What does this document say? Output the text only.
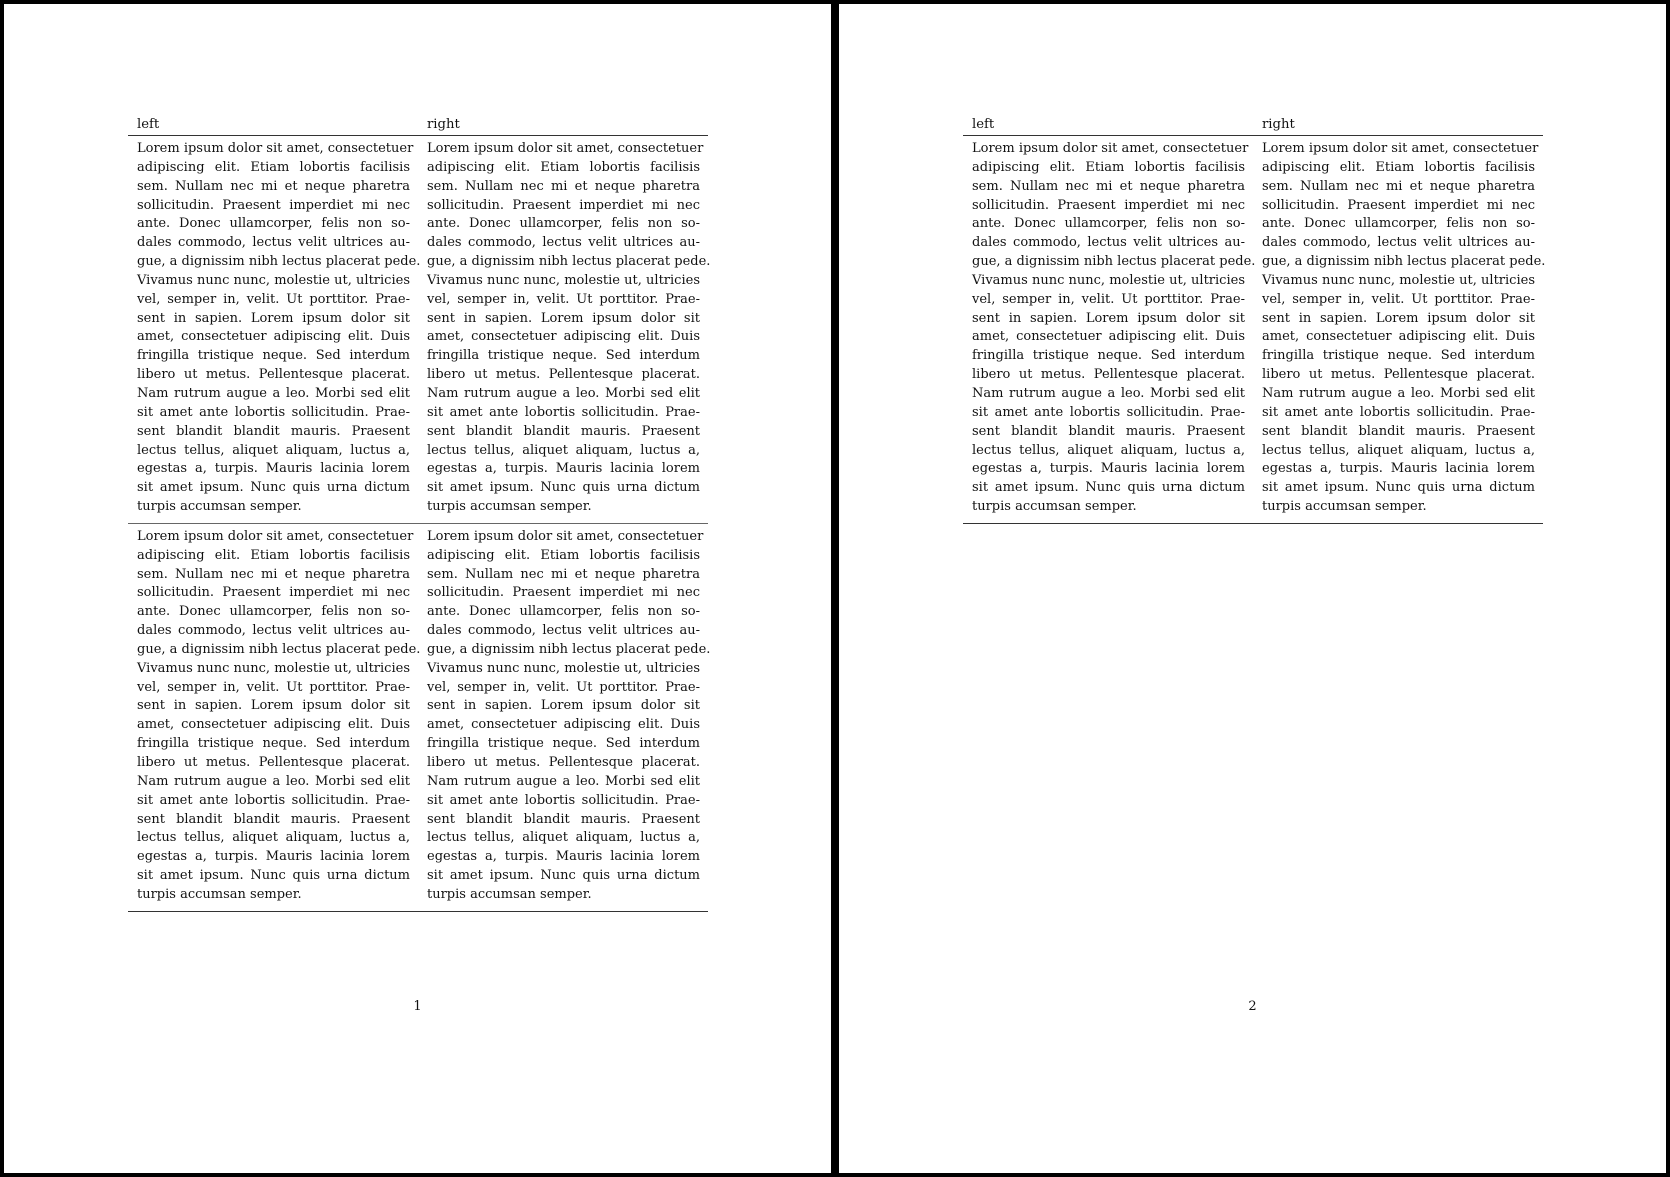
left	right
Lorem ipsum dolor sit amet, consectetuer
adipiscing elit. Etiam lobortis facilisis
sem. Nullam nec mi et neque pharetra
sollicitudin. Praesent imperdiet mi nec
ante. Donec ullamcorper, felis non so-
dales commodo, lectus velit ultrices au-
gue, a dignissim nibh lectus placerat pede.
Vivamus nunc nunc, molestie ut, ultricies
vel, semper in, velit. Ut porttitor. Prae-
sent in sapien. Lorem ipsum dolor sit
amet, consectetuer adipiscing elit. Duis
fringilla tristique neque. Sed interdum
libero ut metus. Pellentesque placerat.
Nam rutrum augue a leo. Morbi sed elit
sit amet ante lobortis sollicitudin. Prae-
sent blandit blandit mauris. Praesent
lectus tellus, aliquet aliquam, luctus a,
egestas a, turpis. Mauris lacinia lorem
sit amet ipsum. Nunc quis urna dictum
turpis accumsan semper.
Lorem ipsum dolor sit amet, consectetuer
adipiscing elit. Etiam lobortis facilisis
sem. Nullam nec mi et neque pharetra
sollicitudin. Praesent imperdiet mi nec
ante. Donec ullamcorper, felis non so-
dales commodo, lectus velit ultrices au-
gue, a dignissim nibh lectus placerat pede.
Vivamus nunc nunc, molestie ut, ultricies
vel, semper in, velit. Ut porttitor. Prae-
sent in sapien. Lorem ipsum dolor sit
amet, consectetuer adipiscing elit. Duis
fringilla tristique neque. Sed interdum
libero ut metus. Pellentesque placerat.
Nam rutrum augue a leo. Morbi sed elit
sit amet ante lobortis sollicitudin. Prae-
sent blandit blandit mauris. Praesent
lectus tellus, aliquet aliquam, luctus a,
egestas a, turpis. Mauris lacinia lorem
sit amet ipsum. Nunc quis urna dictum
turpis accumsan semper.
Lorem ipsum dolor sit amet, consectetuer
adipiscing elit. Etiam lobortis facilisis
sem. Nullam nec mi et neque pharetra
sollicitudin. Praesent imperdiet mi nec
ante. Donec ullamcorper, felis non so-
dales commodo, lectus velit ultrices au-
gue, a dignissim nibh lectus placerat pede.
Vivamus nunc nunc, molestie ut, ultricies
vel, semper in, velit. Ut porttitor. Prae-
sent in sapien. Lorem ipsum dolor sit
amet, consectetuer adipiscing elit. Duis
fringilla tristique neque. Sed interdum
libero ut metus. Pellentesque placerat.
Nam rutrum augue a leo. Morbi sed elit
sit amet ante lobortis sollicitudin. Prae-
sent blandit blandit mauris. Praesent
lectus tellus, aliquet aliquam, luctus a,
egestas a, turpis. Mauris lacinia lorem
sit amet ipsum. Nunc quis urna dictum
turpis accumsan semper.
Lorem ipsum dolor sit amet, consectetuer
adipiscing elit. Etiam lobortis facilisis
sem. Nullam nec mi et neque pharetra
sollicitudin. Praesent imperdiet mi nec
ante. Donec ullamcorper, felis non so-
dales commodo, lectus velit ultrices au-
gue, a dignissim nibh lectus placerat pede.
Vivamus nunc nunc, molestie ut, ultricies
vel, semper in, velit. Ut porttitor. Prae-
sent in sapien. Lorem ipsum dolor sit
amet, consectetuer adipiscing elit. Duis
fringilla tristique neque. Sed interdum
libero ut metus. Pellentesque placerat.
Nam rutrum augue a leo. Morbi sed elit
sit amet ante lobortis sollicitudin. Prae-
sent blandit blandit mauris. Praesent
lectus tellus, aliquet aliquam, luctus a,
egestas a, turpis. Mauris lacinia lorem
sit amet ipsum. Nunc quis urna dictum
turpis accumsan semper.
1
left	right
Lorem ipsum dolor sit amet, consectetuer
adipiscing elit. Etiam lobortis facilisis
sem. Nullam nec mi et neque pharetra
sollicitudin. Praesent imperdiet mi nec
ante. Donec ullamcorper, felis non so-
dales commodo, lectus velit ultrices au-
gue, a dignissim nibh lectus placerat pede.
Vivamus nunc nunc, molestie ut, ultricies
vel, semper in, velit. Ut porttitor. Prae-
sent in sapien. Lorem ipsum dolor sit
amet, consectetuer adipiscing elit. Duis
fringilla tristique neque. Sed interdum
libero ut metus. Pellentesque placerat.
Nam rutrum augue a leo. Morbi sed elit
sit amet ante lobortis sollicitudin. Prae-
sent blandit blandit mauris. Praesent
lectus tellus, aliquet aliquam, luctus a,
egestas a, turpis. Mauris lacinia lorem
sit amet ipsum. Nunc quis urna dictum
turpis accumsan semper.
Lorem ipsum dolor sit amet, consectetuer
adipiscing elit. Etiam lobortis facilisis
sem. Nullam nec mi et neque pharetra
sollicitudin. Praesent imperdiet mi nec
ante. Donec ullamcorper, felis non so-
dales commodo, lectus velit ultrices au-
gue, a dignissim nibh lectus placerat pede.
Vivamus nunc nunc, molestie ut, ultricies
vel, semper in, velit. Ut porttitor. Prae-
sent in sapien. Lorem ipsum dolor sit
amet, consectetuer adipiscing elit. Duis
fringilla tristique neque. Sed interdum
libero ut metus. Pellentesque placerat.
Nam rutrum augue a leo. Morbi sed elit
sit amet ante lobortis sollicitudin. Prae-
sent blandit blandit mauris. Praesent
lectus tellus, aliquet aliquam, luctus a,
egestas a, turpis. Mauris lacinia lorem
sit amet ipsum. Nunc quis urna dictum
turpis accumsan semper.
2
